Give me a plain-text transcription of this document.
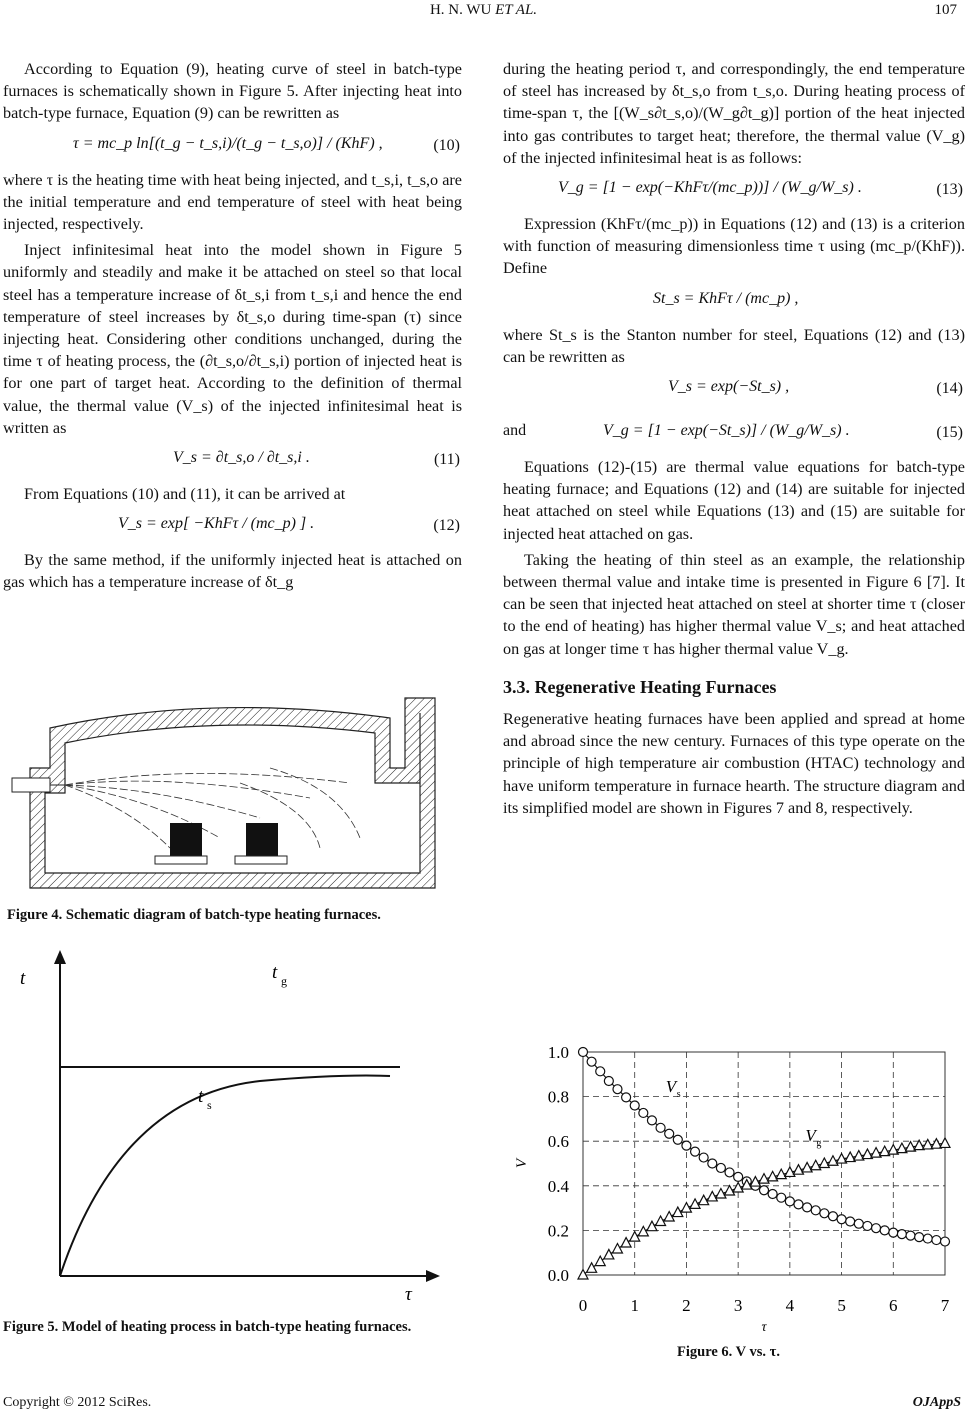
H. N. WU ET AL.	107

According to Equation (9), heating curve of steel in batch-type furnaces is schematically shown in Figure 5. After injecting heat into batch-type furnace, Equation (9) can be rewritten as

τ = mc_p ln[(t_g − t_s,i)/(t_g − t_s,o)] / (KhF) ,	(10)

where τ is the heating time with heat being injected, and t_s,i, t_s,o are the initial temperature and end temperature of steel with heat being injected, respectively.

Inject infinitesimal heat into the model shown in Figure 5 uniformly and steadily and make it be attached on steel so that local steel has a temperature increase of δt_s,i from t_s,i and hence the end temperature of steel increases by δt_s,o during time-span (τ) since injecting heat. Considering other conditions unchanged, during the time τ of heating process, the (∂t_s,o/∂t_s,i) portion of injected heat is for one part of target heat. According to the definition of thermal value, the thermal value (V_s) of the injected infinitesimal heat is written as

V_s = ∂t_s,o / ∂t_s,i .	(11)

From Equations (10) and (11), it can be arrived at

V_s = exp[ −KhFτ / (mc_p) ] .	(12)

By the same method, if the uniformly injected heat is attached on gas which has a temperature increase of δt_g

Figure 4. Schematic diagram of batch-type heating furnaces.
t	t g
t s
τ
Figure 5. Model of heating process in batch-type heating furnaces.

during the heating period τ, and correspondingly, the end temperature of steel has increased by δt_s,o from t_s,o. During heating process of time-span τ, the [(W_s∂t_s,o)/(W_g∂t_g)] portion of the heat injected into gas contributes to target heat; therefore, the thermal value (V_g) of the injected infinitesimal heat is as follows:

V_g = [1 − exp(−KhFτ/(mc_p))] / (W_g/W_s) .	(13)

Expression (KhFτ/(mc_p)) in Equations (12) and (13) is a criterion with function of measuring dimensionless time τ using (mc_p/(KhF)). Define

St_s = KhFτ / (mc_p) ,

where St_s is the Stanton number for steel, Equations (12) and (13) can be rewritten as

V_s = exp(−St_s) ,	(14)
and	V_g = [1 − exp(−St_s)] / (W_g/W_s) .	(15)

Equations (12)-(15) are thermal value equations for batch-type heating furnace; and Equations (12) and (14) are suitable for injected heat attached on steel while Equations (13) and (15) are suitable for injected heat attached on gas.

Taking the heating of thin steel as an example, the relationship between thermal value and intake time is presented in Figure 6 [7]. It can be seen that injected heat attached on steel at shorter time τ (closer to the end of heating) has higher thermal value V_s; and heat attached on gas at longer time τ has higher thermal value V_g.

3.3. Regenerative Heating Furnaces

Regenerative heating furnaces have been applied and spread at home and abroad since the new century. Furnaces of this type operate on the principle of high temperature air combustion (HTAC) technology and have uniform temperature in furnace hearth. The structure diagram and its simplified model are shown in Figures 7 and 8, respectively.

0	1	2	3	4	5	6	7
0.0
0.2
0.4
0.6
0.8
1.0
τ
V
V s
V g
Figure 6. V vs. τ.
Copyright © 2012 SciRes.	OJAppS
